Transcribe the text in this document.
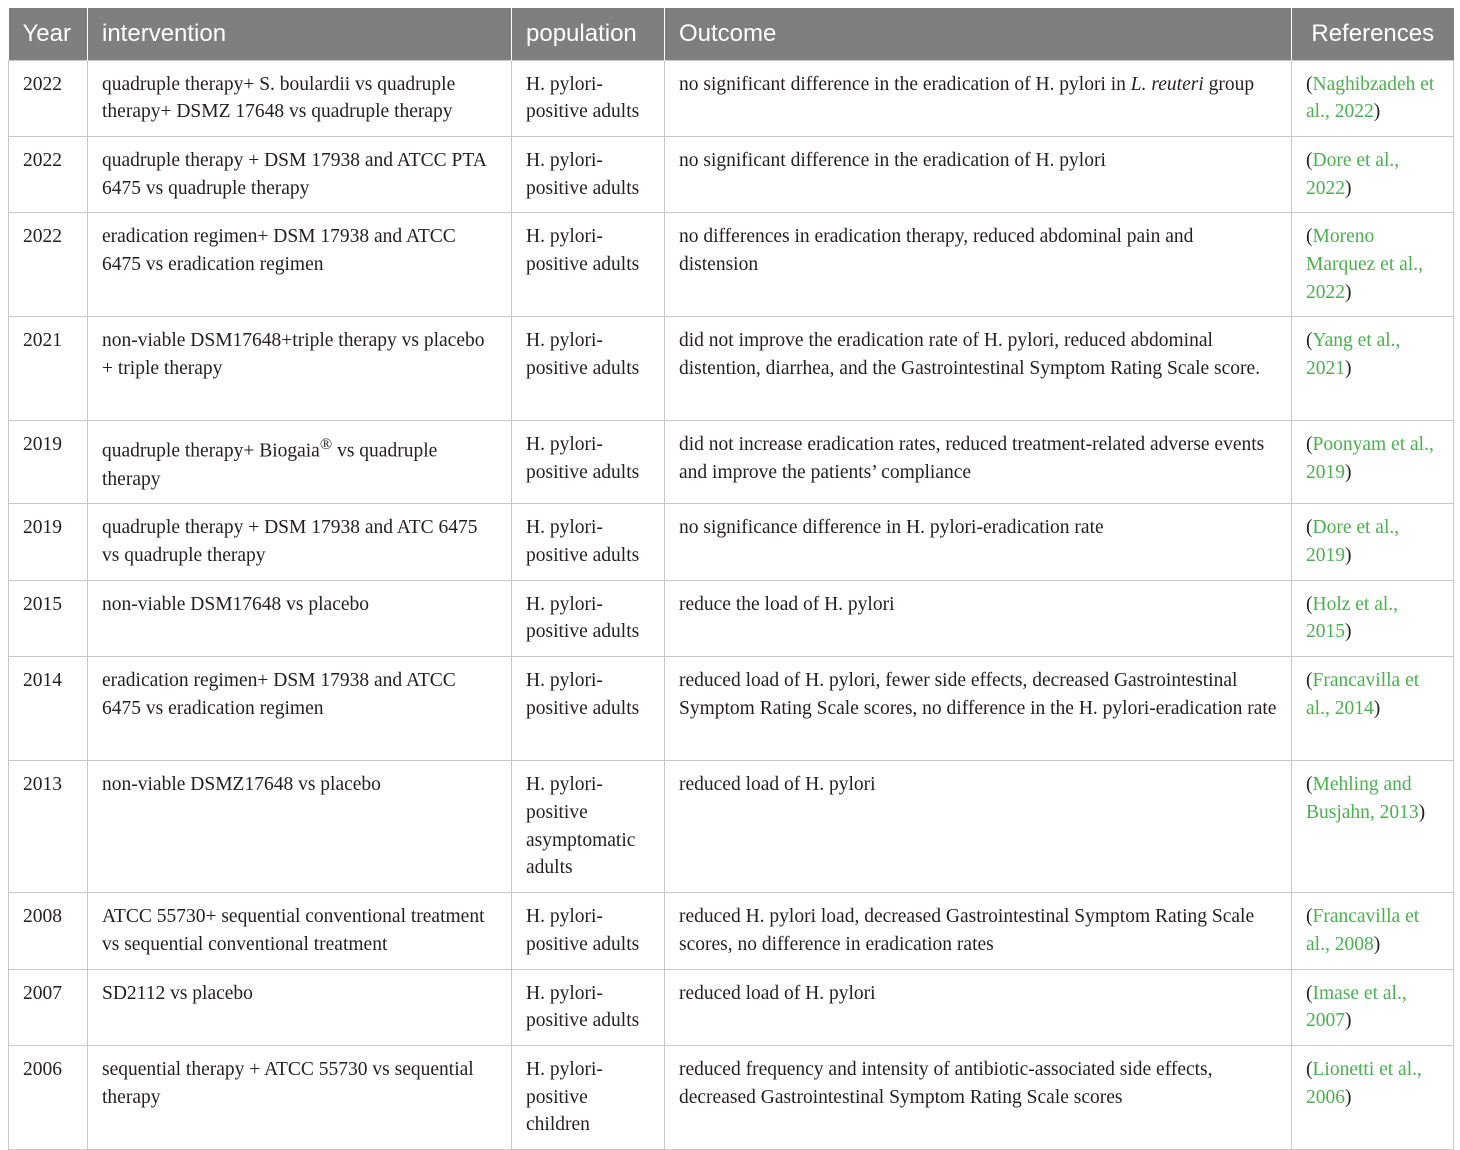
Year	intervention	population	Outcome	References
2022	quadruple therapy+ S. boulardii vs quadruple therapy+ DSMZ 17648 vs quadruple therapy	H. pylori-positive adults	no significant difference in the eradication of H. pylori in L. reuteri group	(Naghibzadeh et al., 2022)
2022	quadruple therapy + DSM 17938 and ATCC PTA 6475 vs quadruple therapy	H. pylori-positive adults	no significant difference in the eradication of H. pylori	(Dore et al., 2022)
2022	eradication regimen+ DSM 17938 and ATCC 6475 vs eradication regimen	H. pylori-positive adults	no differences in eradication therapy, reduced abdominal pain and distension	(Moreno Marquez et al., 2022)
2021	non-viable DSM17648+triple therapy vs placebo + triple therapy	H. pylori-positive adults	did not improve the eradication rate of H. pylori, reduced abdominal distention, diarrhea, and the Gastrointestinal Symptom Rating Scale score.	(Yang et al., 2021)
2019	quadruple therapy+ Biogaia® vs quadruple therapy	H. pylori-positive adults	did not increase eradication rates, reduced treatment-related adverse events and improve the patients’ compliance	(Poonyam et al., 2019)
2019	quadruple therapy + DSM 17938 and ATC 6475 vs quadruple therapy	H. pylori-positive adults	no significance difference in H. pylori-eradication rate	(Dore et al., 2019)
2015	non-viable DSM17648 vs placebo	H. pylori-positive adults	reduce the load of H. pylori	(Holz et al., 2015)
2014	eradication regimen+ DSM 17938 and ATCC 6475 vs eradication regimen	H. pylori-positive adults	reduced load of H. pylori, fewer side effects, decreased Gastrointestinal Symptom Rating Scale scores, no difference in the H. pylori-eradication rate	(Francavilla et al., 2014)
2013	non-viable DSMZ17648 vs placebo	H. pylori-positive asymptomatic adults	reduced load of H. pylori	(Mehling and Busjahn, 2013)
2008	ATCC 55730+ sequential conventional treatment vs sequential conventional treatment	H. pylori-positive adults	reduced H. pylori load, decreased Gastrointestinal Symptom Rating Scale scores, no difference in eradication rates	(Francavilla et al., 2008)
2007	SD2112 vs placebo	H. pylori-positive adults	reduced load of H. pylori	(Imase et al., 2007)
2006	sequential therapy + ATCC 55730 vs sequential therapy	H. pylori-positive children	reduced frequency and intensity of antibiotic-associated side effects, decreased Gastrointestinal Symptom Rating Scale scores	(Lionetti et al., 2006)
